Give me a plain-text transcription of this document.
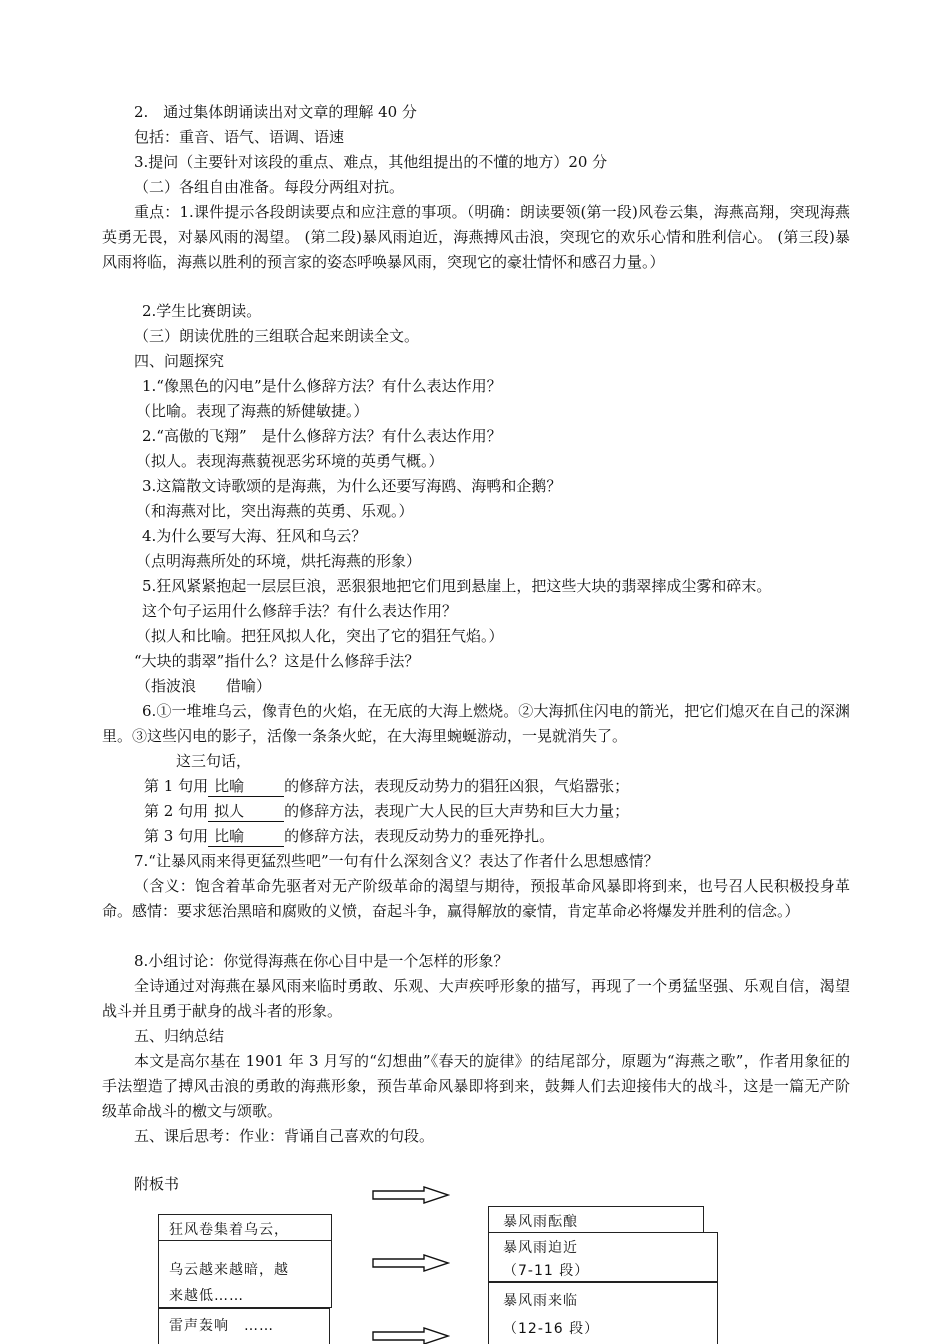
2.　通过集体朗诵读出对文章的理解 40 分
包括：重音、语气、语调、语速
3.提问（主要针对该段的重点、难点，其他组提出的不懂的地方）20 分
（二）各组自由准备。每段分两组对抗。
重点：1.课件提示各段朗读要点和应注意的事项。（明确：朗读要领(第一段)风卷云集，海燕高翔，突现海燕英勇无畏，对暴风雨的渴望。 (第二段)暴风雨迫近，海燕搏风击浪，突现它的欢乐心情和胜利信心。 (第三段)暴风雨将临，海燕以胜利的预言家的姿态呼唤暴风雨，突现它的豪壮情怀和感召力量。）
2.学生比赛朗读。
（三）朗读优胜的三组联合起来朗读全文。
四、问题探究
1.“像黑色的闪电”是什么修辞方法？有什么表达作用？
（比喻。表现了海燕的矫健敏捷。）
2.“高傲的飞翔”　是什么修辞方法？有什么表达作用？
（拟人。表现海燕藐视恶劣环境的英勇气概。）
3.这篇散文诗歌颂的是海燕，为什么还要写海鸥、海鸭和企鹅？
（和海燕对比，突出海燕的英勇、乐观。）
4.为什么要写大海、狂风和乌云？
（点明海燕所处的环境，烘托海燕的形象）
5.狂风紧紧抱起一层层巨浪，恶狠狠地把它们甩到悬崖上，把这些大块的翡翠摔成尘雾和碎末。
这个句子运用什么修辞手法？有什么表达作用？
（拟人和比喻。把狂风拟人化，突出了它的猖狂气焰。）
“大块的翡翠”指什么？这是什么修辞手法？
（指波浪　　借喻）
6.①一堆堆乌云，像青色的火焰，在无底的大海上燃烧。②大海抓住闪电的箭光，把它们熄灭在自己的深渊里。③这些闪电的影子，活像一条条火蛇，在大海里蜿蜒游动，一晃就消失了。
这三句话，
第 1 句用 比喻	的修辞方法，表现反动势力的猖狂凶狠，气焰嚣张；
第 2 句用 拟人	的修辞方法，表现广大人民的巨大声势和巨大力量；
第 3 句用 比喻	的修辞方法，表现反动势力的垂死挣扎。
7.“让暴风雨来得更猛烈些吧”一句有什么深刻含义？表达了作者什么思想感情？
（含义：饱含着革命先驱者对无产阶级革命的渴望与期待，预报革命风暴即将到来，也号召人民积极投身革命。感情：要求惩治黑暗和腐败的义愤，奋起斗争，赢得解放的豪情，肯定革命必将爆发并胜利的信念。）
8.小组讨论：你觉得海燕在你心目中是一个怎样的形象？
全诗通过对海燕在暴风雨来临时勇敢、乐观、大声疾呼形象的描写，再现了一个勇猛坚强、乐观自信，渴望战斗并且勇于献身的战斗者的形象。
五、归纳总结
本文是高尔基在 1901 年 3 月写的“幻想曲”《春天的旋律》的结尾部分，原题为“海燕之歌”，作者用象征的手法塑造了搏风击浪的勇敢的海燕形象，预告革命风暴即将到来，鼓舞人们去迎接伟大的战斗，这是一篇无产阶级革命战斗的檄文与颂歌。
五、课后思考：作业：背诵自己喜欢的句段。
附板书
狂风卷集着乌云，
乌云越来越暗，越
来越低……
雷声轰响　……
暴风雨酝酿
暴风雨迫近
（7-11 段）
暴风雨来临
（12-16 段）
